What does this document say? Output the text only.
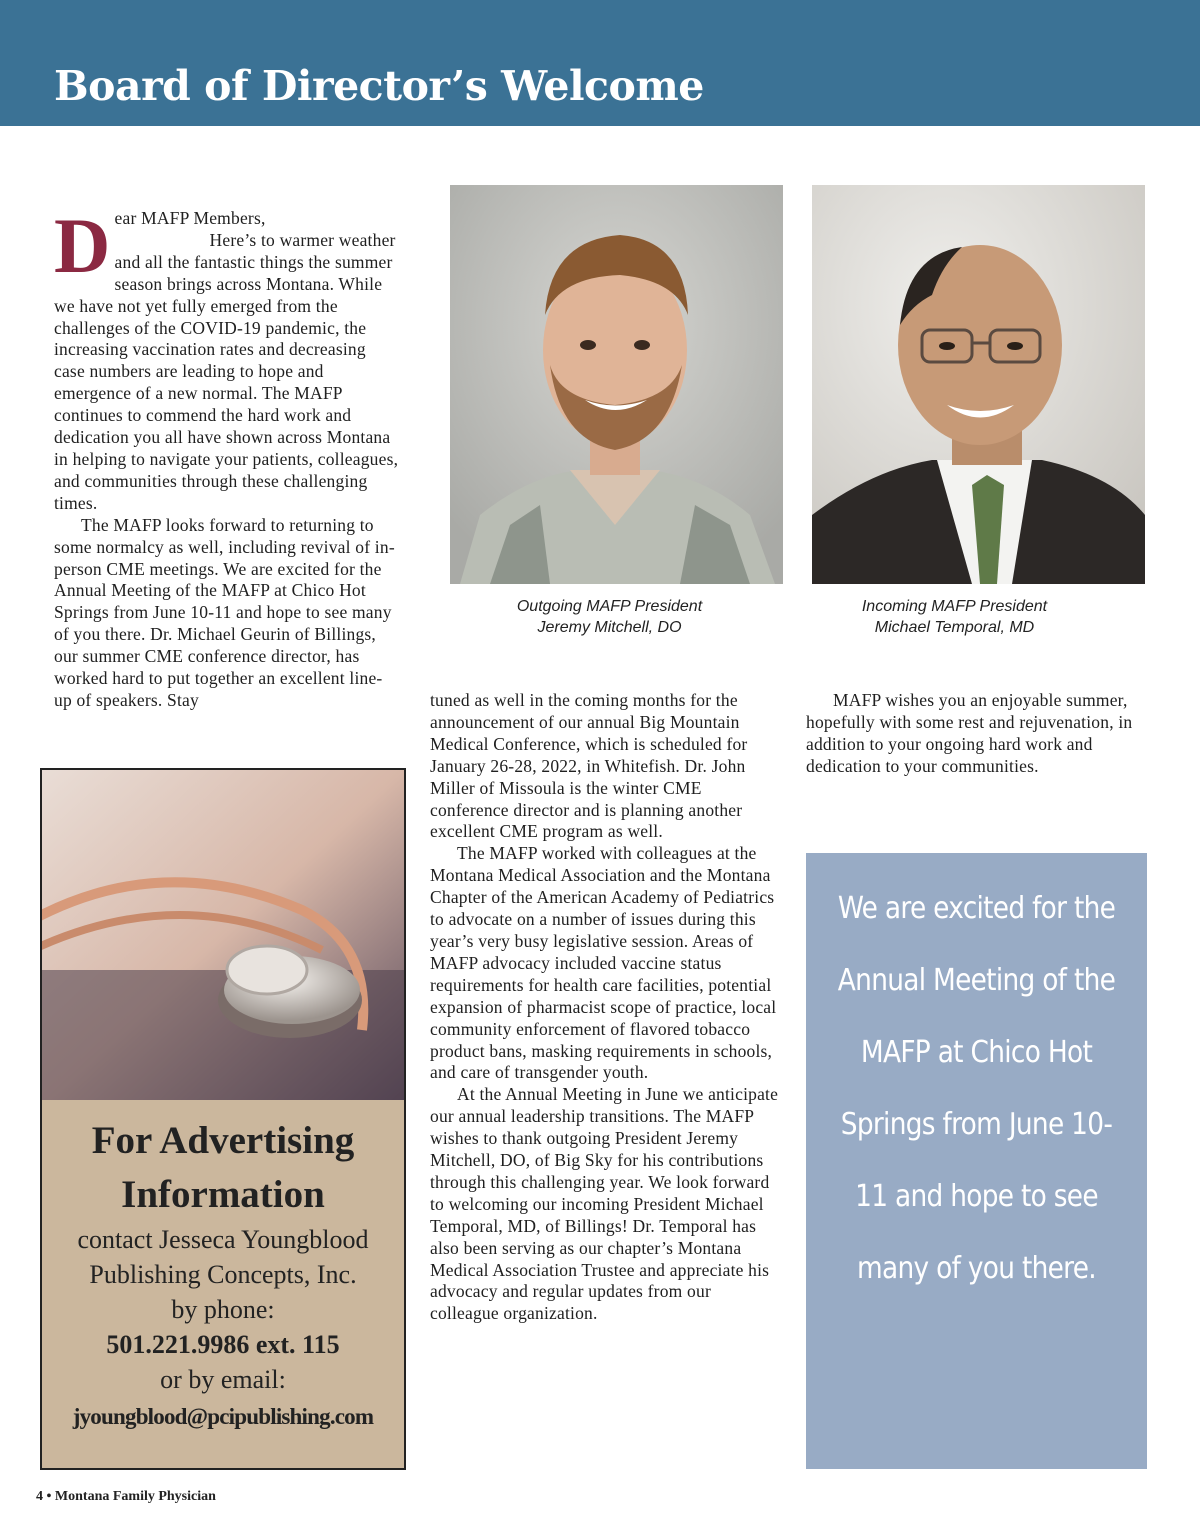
Board of Director’s Welcome

Dear MAFP Members,

Here’s to warmer weather and all the fantastic things the summer season brings across Montana. While we have not yet fully emerged from the challenges of the COVID-19 pandemic, the increasing vaccination rates and decreasing case numbers are leading to hope and emergence of a new normal. The MAFP continues to commend the hard work and dedication you all have shown across Montana in helping to navigate your patients, colleagues, and communities through these challenging times.

The MAFP looks forward to returning to some normalcy as well, including revival of in-person CME meetings. We are excited for the Annual Meeting of the MAFP at Chico Hot Springs from June 10-11 and hope to see many of you there. Dr. Michael Geurin of Billings, our summer CME conference director, has worked hard to put together an excellent line-up of speakers. Stay

Outgoing MAFP President
Jeremy Mitchell, DO
Incoming MAFP President
Michael Temporal, MD

tuned as well in the coming months for the announcement of our annual Big Mountain Medical Conference, which is scheduled for January 26-28, 2022, in Whitefish. Dr. John Miller of Missoula is the winter CME conference director and is planning another excellent CME program as well.

The MAFP worked with colleagues at the Montana Medical Association and the Montana Chapter of the American Academy of Pediatrics to advocate on a number of issues during this year’s very busy legislative session. Areas of MAFP advocacy included vaccine status requirements for health care facilities, potential expansion of pharmacist scope of practice, local community enforcement of flavored tobacco product bans, masking requirements in schools, and care of transgender youth.

At the Annual Meeting in June we anticipate our annual leadership transitions. The MAFP wishes to thank outgoing President Jeremy Mitchell, DO, of Big Sky for his contributions through this challenging year. We look forward to welcoming our incoming President Michael Temporal, MD, of Billings! Dr. Temporal has also been serving as our chapter’s Montana Medical Association Trustee and appreciate his advocacy and regular updates from our colleague organization.

MAFP wishes you an enjoyable summer, hopefully with some rest and rejuvenation, in addition to your ongoing hard work and dedication to your communities.

For Advertising
Information
contact Jesseca Youngblood
Publishing Concepts, Inc.
by phone:
501.221.9986 ext. 115
or by email:
jyoungblood@pcipublishing.com

We are excited for the Annual Meeting of the MAFP at Chico Hot Springs from June 10-11 and hope to see many of you there.

4 • Montana Family Physician
